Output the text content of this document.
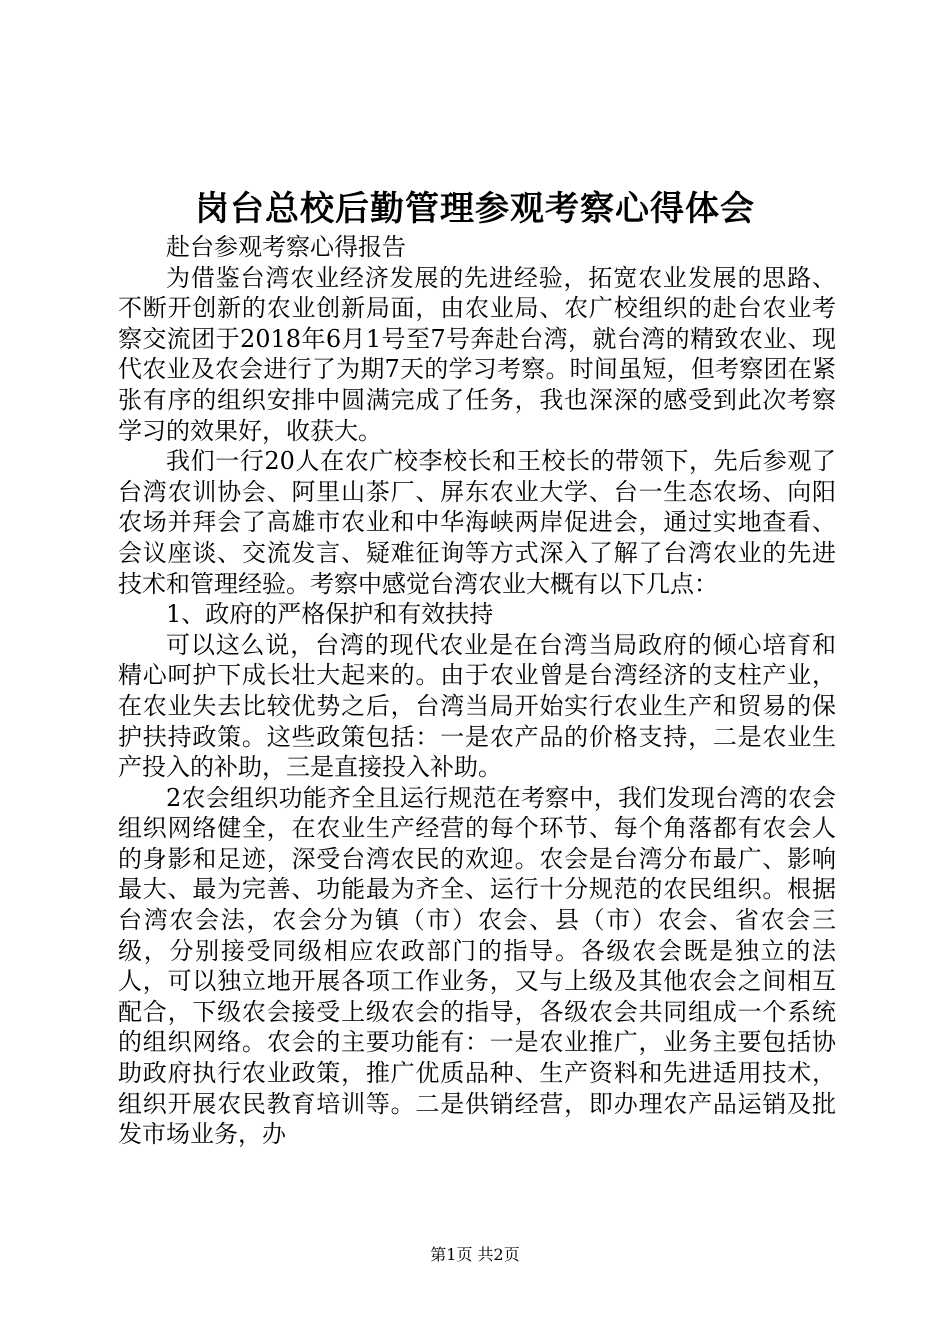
岗台总校后勤管理参观考察心得体会

赴台参观考察心得报告

为借鉴台湾农业经济发展的先进经验，拓宽农业发展的思路、不断开创新的农业创新局面，由农业局、农广校组织的赴台农业考察交流团于2018年6月1号至7号奔赴台湾，就台湾的精致农业、现代农业及农会进行了为期7天的学习考察。时间虽短，但考察团在紧张有序的组织安排中圆满完成了任务，我也深深的感受到此次考察学习的效果好，收获大。

我们一行20人在农广校李校长和王校长的带领下，先后参观了台湾农训协会、阿里山茶厂、屏东农业大学、台一生态农场、向阳农场并拜会了高雄市农业和中华海峡两岸促进会，通过实地查看、会议座谈、交流发言、疑难征询等方式深入了解了台湾农业的先进技术和管理经验。考察中感觉台湾农业大概有以下几点：

1、政府的严格保护和有效扶持

可以这么说，台湾的现代农业是在台湾当局政府的倾心培育和精心呵护下成长壮大起来的。由于农业曾是台湾经济的支柱产业，在农业失去比较优势之后，台湾当局开始实行农业生产和贸易的保护扶持政策。这些政策包括：一是农产品的价格支持，二是农业生产投入的补助，三是直接投入补助。

2农会组织功能齐全且运行规范在考察中，我们发现台湾的农会组织网络健全，在农业生产经营的每个环节、每个角落都有农会人的身影和足迹，深受台湾农民的欢迎。农会是台湾分布最广、影响最大、最为完善、功能最为齐全、运行十分规范的农民组织。根据台湾农会法，农会分为镇（市）农会、县（市）农会、省农会三级，分别接受同级相应农政部门的指导。各级农会既是独立的法人，可以独立地开展各项工作业务，又与上级及其他农会之间相互配合，下级农会接受上级农会的指导，各级农会共同组成一个系统的组织网络。农会的主要功能有：一是农业推广，业务主要包括协助政府执行农业政策，推广优质品种、生产资料和先进适用技术，组织开展农民教育培训等。二是供销经营，即办理农产品运销及批发市场业务，办

第1页 共2页
